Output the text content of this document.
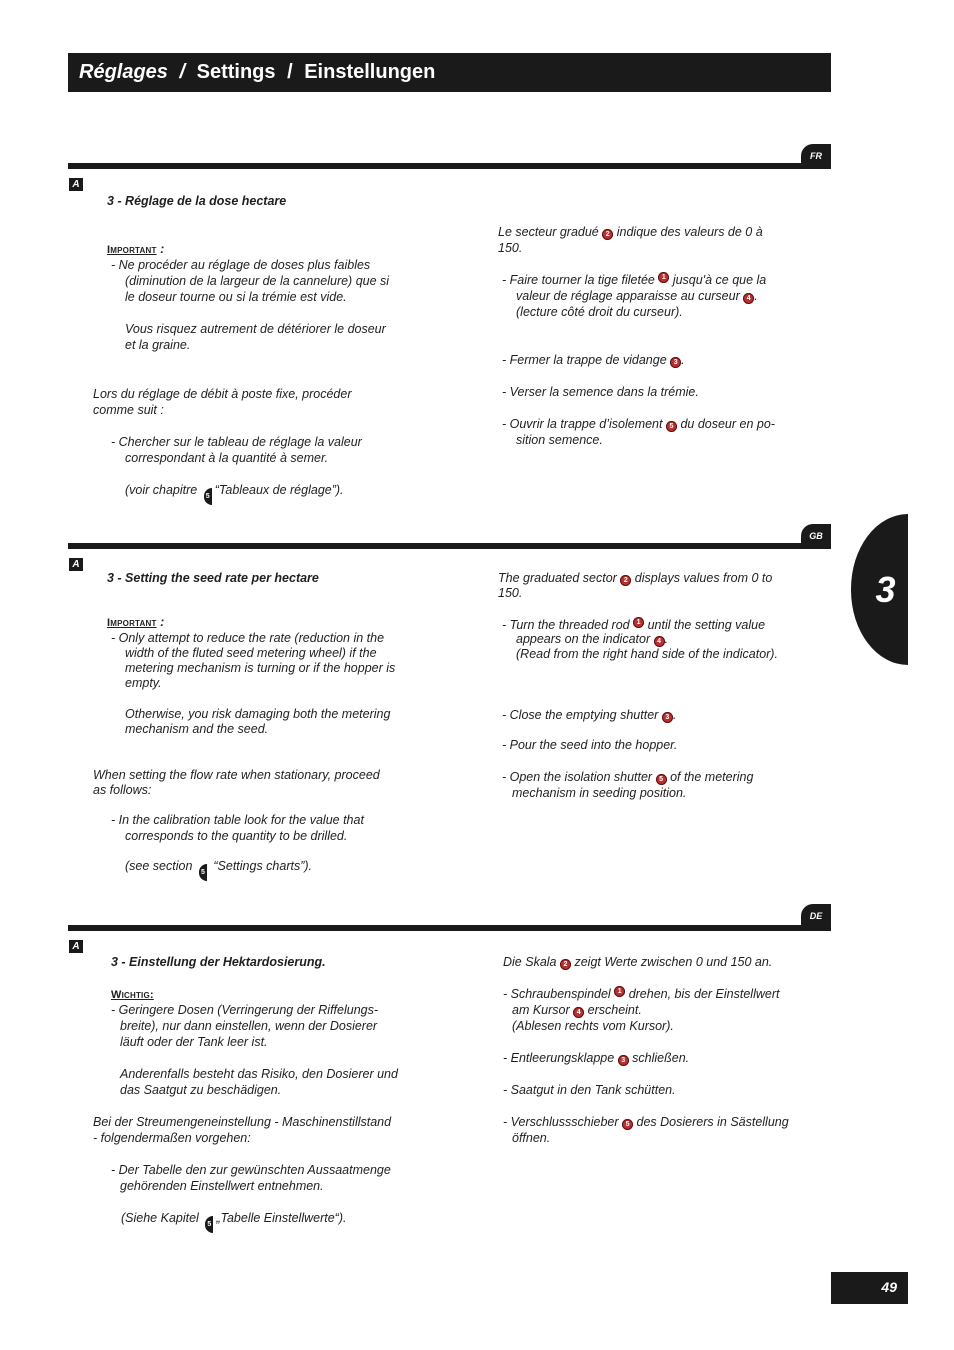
Réglages / Settings / Einstellungen
FR
A
3 - Réglage de la dose hectare
Important :
- Ne procéder au réglage de doses plus faibles
(diminution de la largeur de la cannelure) que si
le doseur tourne ou si la trémie est vide.
Vous risquez autrement de détériorer le doseur
et la graine.
Lors du réglage de débit à poste fixe, procéder
comme suit :
- Chercher sur le tableau de réglage la valeur
correspondant à la quantité à semer.
(voir chapitre 5 “Tableaux de réglage”).
Le secteur gradué 2 indique des valeurs de 0 à
150.
- Faire tourner la tige filetée 1 jusqu'à ce que la
valeur de réglage apparaisse au curseur 4 .
(lecture côté droit du curseur).
- Fermer la trappe de vidange 3 .
- Verser la semence dans la trémie.
- Ouvrir la trappe d’isolement 5 du doseur en po-
sition semence.
GB
A
3 - Setting the seed rate per hectare
Important :
- Only attempt to reduce the rate (reduction in the
width of the fluted seed metering wheel) if the
metering mechanism is turning or if the hopper is
empty.
Otherwise, you risk damaging both the metering
mechanism and the seed.
When setting the flow rate when stationary, proceed
as follows:
- In the calibration table look for the value that
corresponds to the quantity to be drilled.
(see section 5 “Settings charts”).
The graduated sector 2 displays values from 0 to
150.
- Turn the threaded rod 1 until the setting value
appears on the indicator 4 .
(Read from the right hand side of the indicator).
- Close the emptying shutter 3 .
- Pour the seed into the hopper.
- Open the isolation shutter 5 of the metering
mechanism in seeding position.
DE
A
3 - Einstellung der Hektardosierung.
Wichtig:
- Geringere Dosen (Verringerung der Riffelungs-
breite), nur dann einstellen, wenn der Dosierer
läuft oder der Tank leer ist.
Anderenfalls besteht das Risiko, den Dosierer und
das Saatgut zu beschädigen.
Bei der Streumengeneinstellung - Maschinenstillstand
- folgendermaßen vorgehen:
- Der Tabelle den zur gewünschten Aussaatmenge
gehörenden Einstellwert entnehmen.
(Siehe Kapitel 5 „Tabelle Einstellwerte“).
Die Skala 2 zeigt Werte zwischen 0 und 150 an.
- Schraubenspindel 1 drehen, bis der Einstellwert
am Kursor 4 erscheint.
(Ablesen rechts vom Kursor).
- Entleerungsklappe 3 schließen.
- Saatgut in den Tank schütten.
- Verschlussschieber 5 des Dosierers in Sästellung
öffnen.
3
49
